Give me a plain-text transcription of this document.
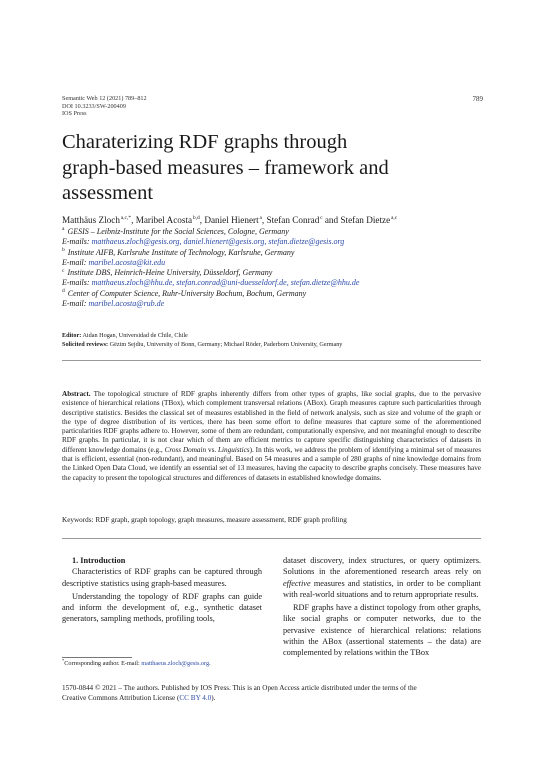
Semantic Web 12 (2021) 789–812
DOI 10.3233/SW-200409
IOS Press
789
Charaterizing RDF graphs through
graph-based measures – framework and
assessment
Matthäus Zloch $^{a,c,*}$, Maribel Acosta $^{b,d}$, Daniel Hienert $^a$, Stefan Conrad $^c$ and Stefan Dietze $^{a,c}$
$^a$ GESIS – Leibniz-Institute for the Social Sciences, Cologne, Germany
E-mails: matthaeus.zloch@gesis.org, daniel.hienert@gesis.org, stefan.dietze@gesis.org
$^b$ Institute AIFB, Karlsruhe Institute of Technology, Karlsruhe, Germany
E-mail: maribel.acosta@kit.edu
$^c$ Institute DBS, Heinrich-Heine University, Düsseldorf, Germany
E-mails: matthaeus.zloch@hhu.de, stefan.conrad@uni-duesseldorf.de, stefan.dietze@hhu.de
$^d$ Center of Computer Science, Ruhr-University Bochum, Bochum, Germany
E-mail: maribel.acosta@rub.de
Editor: Aidan Hogan, Universidad de Chile, Chile
Solicited reviews: Gëzim Sejdiu, University of Bonn, Germany; Michael Röder, Paderborn University, Germany
Abstract. The topological structure of RDF graphs inherently differs from other types of graphs, like social graphs, due to the pervasive existence of hierarchical relations (TBox), which complement transversal relations (ABox). Graph measures capture such particularities through descriptive statistics. Besides the classical set of measures established in the field of network analysis, such as size and volume of the graph or the type of degree distribution of its vertices, there has been some effort to define measures that capture some of the aforementioned particularities RDF graphs adhere to. However, some of them are redundant, computationally expensive, and not meaningful enough to describe RDF graphs. In particular, it is not clear which of them are efficient metrics to capture specific distinguishing characteristics of datasets in different knowledge domains (e.g., Cross Domain vs. Linguistics). In this work, we address the problem of identifying a minimal set of measures that is efficient, essential (non-redundant), and meaningful. Based on 54 measures and a sample of 280 graphs of nine knowledge domains from the Linked Open Data Cloud, we identify an essential set of 13 measures, having the capacity to describe graphs concisely. These measures have the capacity to present the topological structures and differences of datasets in established knowledge domains.
Keywords: RDF graph, graph topology, graph measures, measure assessment, RDF graph profiling

1. Introduction

Characteristics of RDF graphs can be captured through descriptive statistics using graph-based measures.

Understanding the topology of RDF graphs can guide and inform the development of, e.g., synthetic dataset generators, sampling methods, profiling tools,

dataset discovery, index structures, or query optimizers. Solutions in the aforementioned research areas rely on effective measures and statistics, in order to be compliant with real-world situations and to return appropriate results.

RDF graphs have a distinct topology from other graphs, like social graphs or computer networks, due to the pervasive existence of hierarchical relations: relations within the ABox (assertional statements – the data) are complemented by relations within the TBox

*Corresponding author. E-mail: matthaeus.zloch@gesis.org.
1570-0844 © 2021 – The authors. Published by IOS Press. This is an Open Access article distributed under the terms of the
Creative Commons Attribution License (CC BY 4.0).
